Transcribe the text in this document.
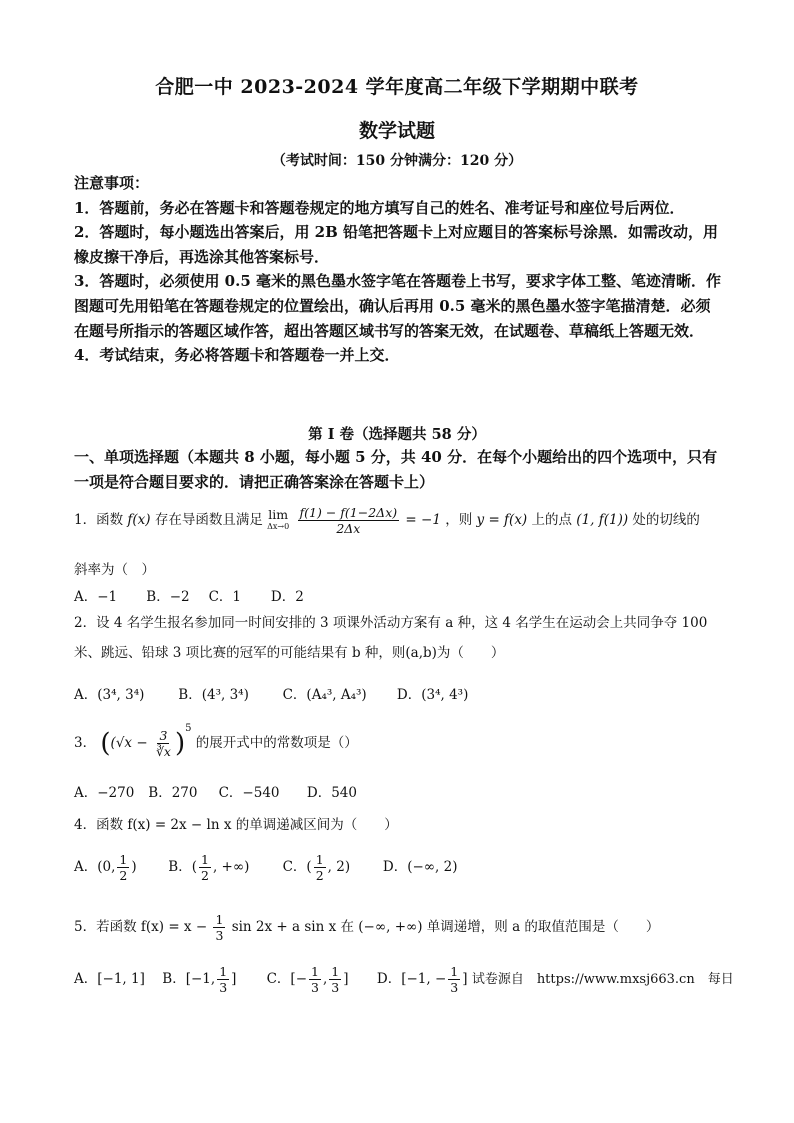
合肥一中 2023-2024 学年度高二年级下学期期中联考
数学试题
（考试时间：150 分钟满分：120 分）

注意事项：

1．答题前，务必在答题卡和答题卷规定的地方填写自己的姓名、准考证号和座位号后两位．

2．答题时，每小题选出答案后，用 2B 铅笔把答题卡上对应题目的答案标号涂黑．如需改动，用橡皮擦干净后，再选涂其他答案标号．

3．答题时，必须使用 0.5 毫米的黑色墨水签字笔在答题卷上书写，要求字体工整、笔迹清晰．作图题可先用铅笔在答题卷规定的位置绘出，确认后再用 0.5 毫米的黑色墨水签字笔描清楚．必须在题号所指示的答题区域作答，超出答题区域书写的答案无效，在试题卷、草稿纸上答题无效．

4．考试结束，务必将答题卡和答题卷一并上交．

第 I 卷（选择题共 58 分）
一、单项选择题（本题共 8 小题，每小题 5 分，共 40 分．在每个小题给出的四个选项中，只有一项是符合题目要求的．请把正确答案涂在答题卡上）
1．函数 f(x) 存在导函数且满足 lim
Δx→0
$\frac{f(1) - f(1-2\Delta x)}{2\Delta x} = -1$ ，则 y = f(x) 上的点 (1, f(1)) 处的切线的
斜率为（　）
A．−1 B．−2 C．1 D．2
2．设 4 名学生报名参加同一时间安排的 3 项课外活动方案有 a 种，这 4 名学生在运动会上共同争夺 100
米、跳远、铅球 3 项比赛的冠军的可能结果有 b 种，则(a,b)为（　　）
A．(3⁴, 3⁴)	B．(4³, 3⁴)	C．(A₄³, A₄³) D．(3⁴, 4³)
3． ($(√x - \frac{3}{∛x} )^5$ 的展开式中的常数项是（）
A．−270 B．270 C．−540 D．540
4．函数 f(x) = 2x − ln x 的单调递减区间为（　　）
A．(0, $\frac{1}{2}$ ) B．( $\frac{1}{2}$ , +∞) C．( $\frac{1}{2}$ , 2) D．(−∞, 2)
5．若函数 $f(x) = x - \frac{1}{3}$ sin 2x + a sin x 在 (−∞, +∞) 单调递增，则 a 的取值范围是（　　）
A．[−1, 1] B．[−1, $\frac{1}{3}$ ] C．[− $\frac{1}{3}$ , $\frac{1}{3}$ ] D．[−1, − $\frac{1}{3}$ ] 试卷源自　https://www.mxsj663.cn　每日
